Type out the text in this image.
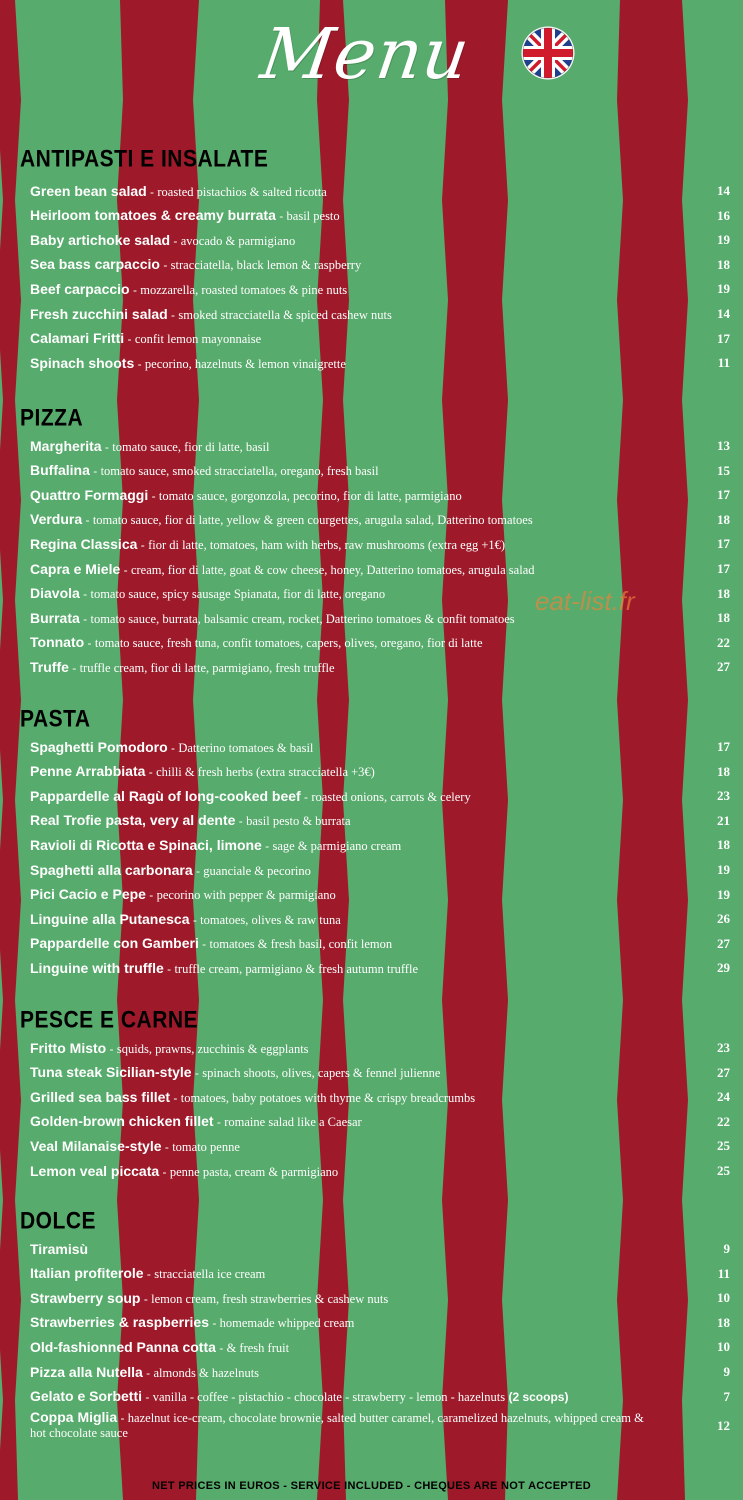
Menu
ANTIPASTI E INSALATE
Green bean salad - roasted pistachios & salted ricotta	14
Heirloom tomatoes & creamy burrata - basil pesto	16
Baby artichoke salad - avocado & parmigiano	19
Sea bass carpaccio - stracciatella, black lemon & raspberry	18
Beef carpaccio - mozzarella, roasted tomatoes & pine nuts	19
Fresh zucchini salad - smoked stracciatella & spiced cashew nuts	14
Calamari Fritti - confit lemon mayonnaise	17
Spinach shoots - pecorino, hazelnuts & lemon vinaigrette	11
PIZZA
Margherita - tomato sauce, fior di latte, basil	13
Buffalina - tomato sauce, smoked stracciatella, oregano, fresh basil	15
Quattro Formaggi - tomato sauce, gorgonzola, pecorino, fior di latte, parmigiano	17
Verdura - tomato sauce, fior di latte, yellow & green courgettes, arugula salad, Datterino tomatoes	18
Regina Classica - fior di latte, tomatoes, ham with herbs, raw mushrooms (extra egg +1€)	17
Capra e Miele - cream, fior di latte, goat & cow cheese, honey, Datterino tomatoes, arugula salad	17
Diavola - tomato sauce, spicy sausage Spianata, fior di latte, oregano	18
Burrata - tomato sauce, burrata, balsamic cream, rocket, Datterino tomatoes & confit tomatoes	18
Tonnato - tomato sauce, fresh tuna, confit tomatoes, capers, olives, oregano, fior di latte	22
Truffe - truffle cream, fior di latte, parmigiano, fresh truffle	27
PASTA
Spaghetti Pomodoro - Datterino tomatoes & basil	17
Penne Arrabbiata - chilli & fresh herbs (extra stracciatella +3€)	18
Pappardelle al Ragù of long-cooked beef - roasted onions, carrots & celery	23
Real Trofie pasta, very al dente - basil pesto & burrata	21
Ravioli di Ricotta e Spinaci, limone - sage & parmigiano cream	18
Spaghetti alla carbonara - guanciale & pecorino	19
Pici Cacio e Pepe - pecorino with pepper & parmigiano	19
Linguine alla Putanesca - tomatoes, olives & raw tuna	26
Pappardelle con Gamberi - tomatoes & fresh basil, confit lemon	27
Linguine with truffle - truffle cream, parmigiano & fresh autumn truffle	29
PESCE E CARNE
Fritto Misto - squids, prawns, zucchinis & eggplants	23
Tuna steak Sicilian-style - spinach shoots, olives, capers & fennel julienne	27
Grilled sea bass fillet - tomatoes, baby potatoes with thyme & crispy breadcrumbs	24
Golden-brown chicken fillet - romaine salad like a Caesar	22
Veal Milanaise-style - tomato penne	25
Lemon veal piccata - penne pasta, cream & parmigiano	25
DOLCE
Tiramisù	9
Italian profiterole - stracciatella ice cream	11
Strawberry soup - lemon cream, fresh strawberries & cashew nuts	10
Strawberries & raspberries - homemade whipped cream	18
Old-fashionned Panna cotta - & fresh fruit	10
Pizza alla Nutella - almonds & hazelnuts	9
Gelato e Sorbetti - vanilla - coffee - pistachio - chocolate - strawberry - lemon - hazelnuts (2 scoops)	7
Coppa Miglia - hazelnut ice-cream, chocolate brownie, salted butter caramel, caramelized hazelnuts, whipped cream & hot chocolate sauce	12
eat-list.fr
NET PRICES IN EUROS - SERVICE INCLUDED - CHEQUES ARE NOT ACCEPTED
